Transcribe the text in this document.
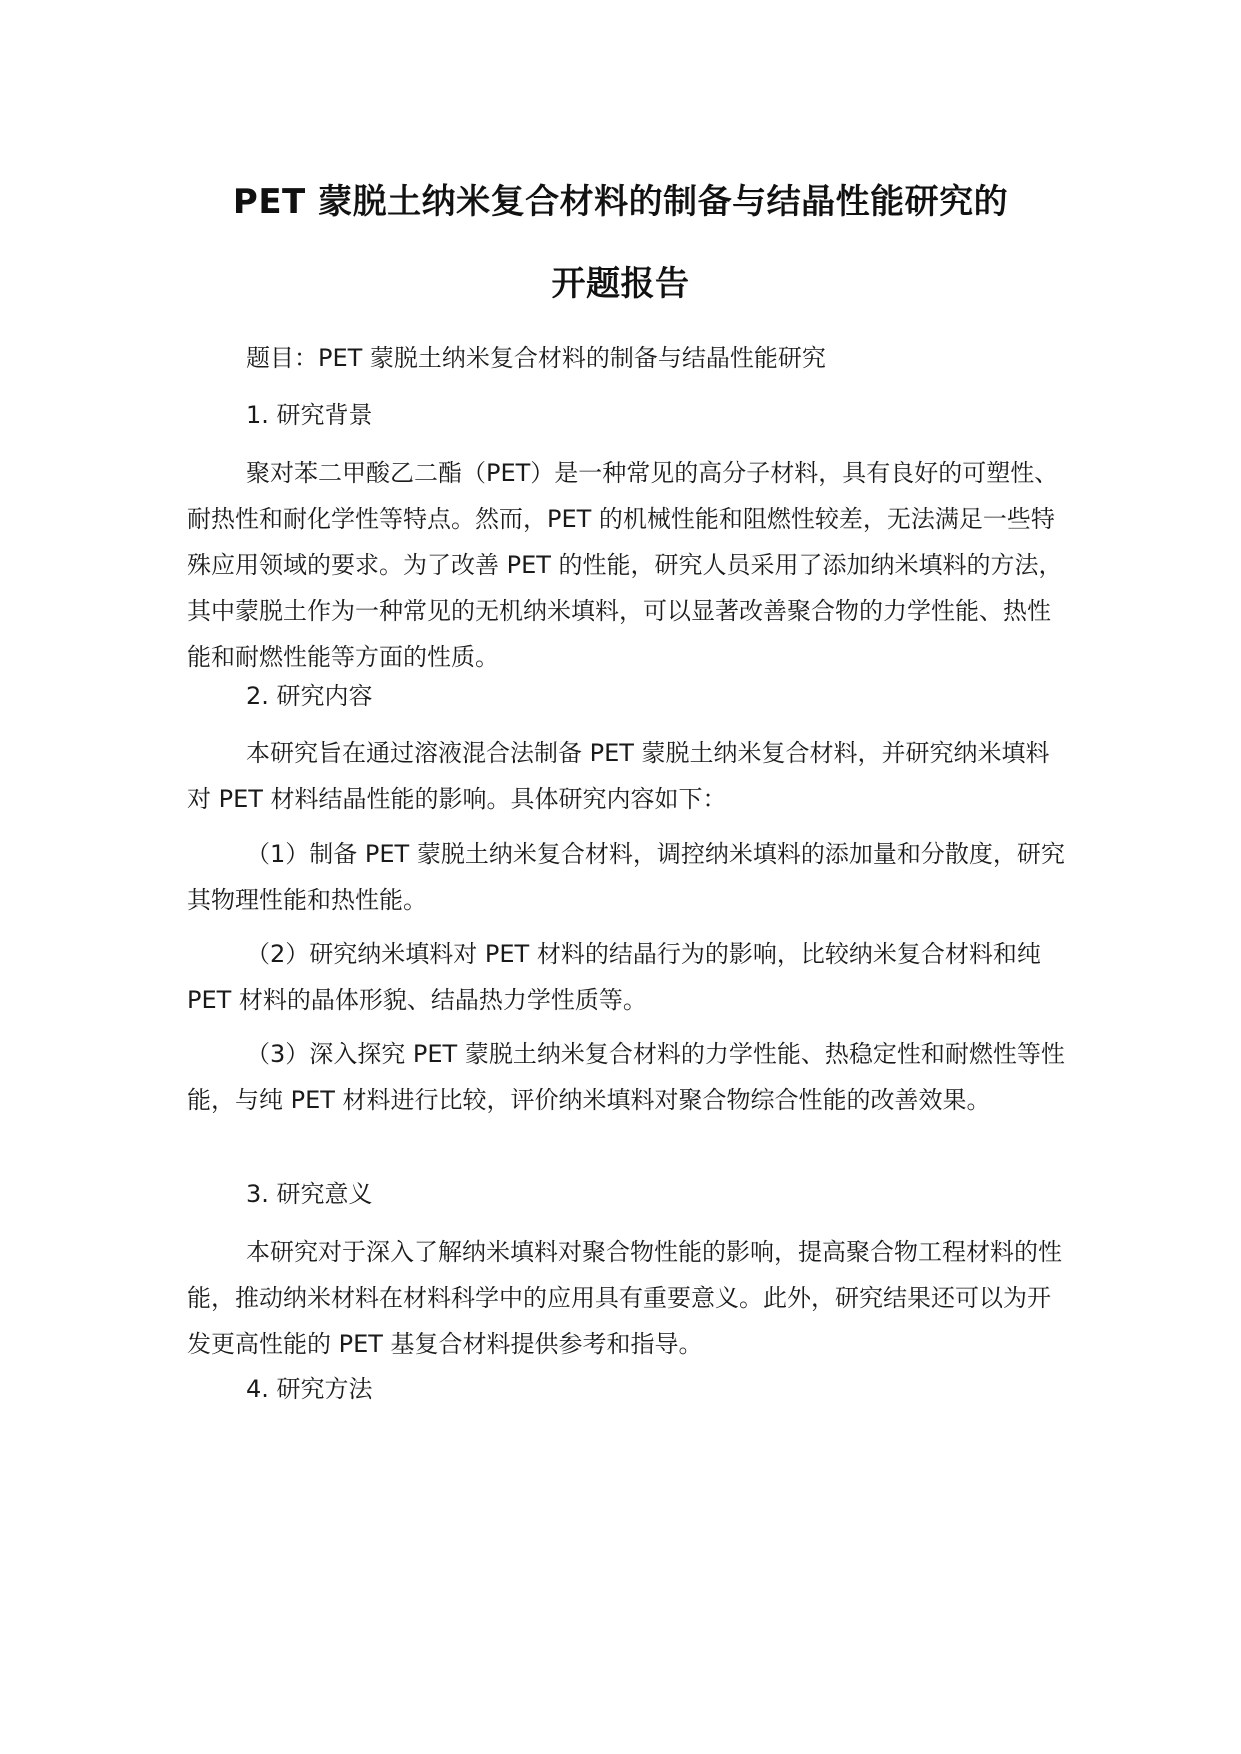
PET 蒙脱土纳米复合材料的制备与结晶性能研究的
开题报告

题目：PET 蒙脱土纳米复合材料的制备与结晶性能研究

1. 研究背景

聚对苯二甲酸乙二酯（PET）是一种常见的高分子材料，具有良好的可塑性、耐热性和耐化学性等特点。然而，PET 的机械性能和阻燃性较差，无法满足一些特殊应用领域的要求。为了改善 PET 的性能，研究人员采用了添加纳米填料的方法，其中蒙脱土作为一种常见的无机纳米填料，可以显著改善聚合物的力学性能、热性能和耐燃性能等方面的性质。

2. 研究内容

本研究旨在通过溶液混合法制备 PET 蒙脱土纳米复合材料，并研究纳米填料对 PET 材料结晶性能的影响。具体研究内容如下：

（1）制备 PET 蒙脱土纳米复合材料，调控纳米填料的添加量和分散度，研究其物理性能和热性能。

（2）研究纳米填料对 PET 材料的结晶行为的影响，比较纳米复合材料和纯 PET 材料的晶体形貌、结晶热力学性质等。

（3）深入探究 PET 蒙脱土纳米复合材料的力学性能、热稳定性和耐燃性等性能，与纯 PET 材料进行比较，评价纳米填料对聚合物综合性能的改善效果。

3. 研究意义

本研究对于深入了解纳米填料对聚合物性能的影响，提高聚合物工程材料的性能，推动纳米材料在材料科学中的应用具有重要意义。此外，研究结果还可以为开发更高性能的 PET 基复合材料提供参考和指导。

4. 研究方法
